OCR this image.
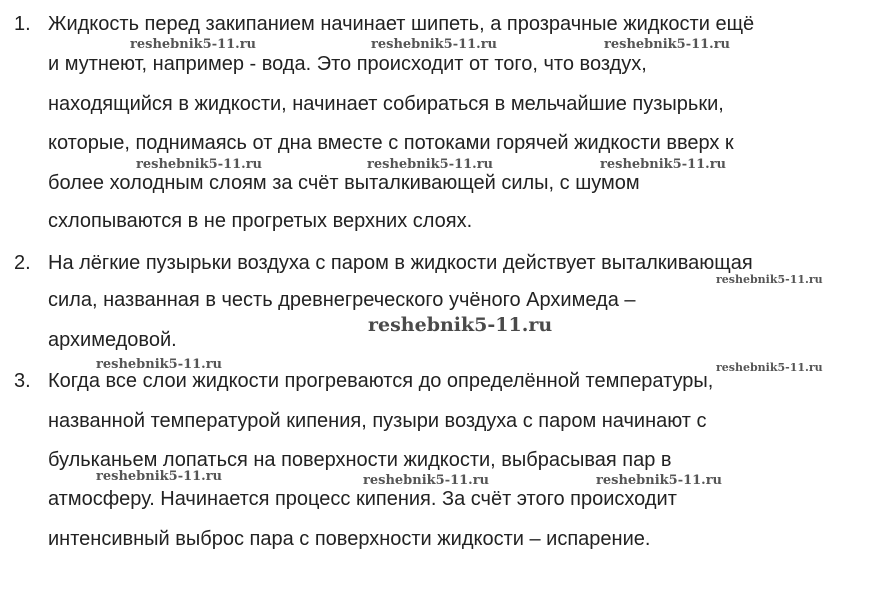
1. Жидкость перед закипанием начинает шипеть, а прозрачные жидкости ещё
и мутнеют, например - вода. Это происходит от того, что воздух,
находящийся в жидкости, начинает собираться в мельчайшие пузырьки,
которые, поднимаясь от дна вместе с потоками горячей жидкости вверх к
более холодным слоям за счёт выталкивающей силы, с шумом
схлопываются в не прогретых верхних слоях.
2. На лёгкие пузырьки воздуха с паром в жидкости действует выталкивающая
сила, названная в честь древнегреческого учёного Архимеда –
архимедовой.
3. Когда все слои жидкости прогреваются до определённой температуры,
названной температурой кипения, пузыри воздуха с паром начинают с
бульканьем лопаться на поверхности жидкости, выбрасывая пар в
атмосферу. Начинается процесс кипения. За счёт этого происходит
интенсивный выброс пара с поверхности жидкости – испарение.
reshebnik5-11.ru	reshebnik5-11.ru	reshebnik5-11.ru
reshebnik5-11.ru	reshebnik5-11.ru	reshebnik5-11.ru
reshebnik5-11.ru
reshebnik5-11.ru
reshebnik5-11.ru	reshebnik5-11.ru
reshebnik5-11.ru	reshebnik5-11.ru	reshebnik5-11.ru
